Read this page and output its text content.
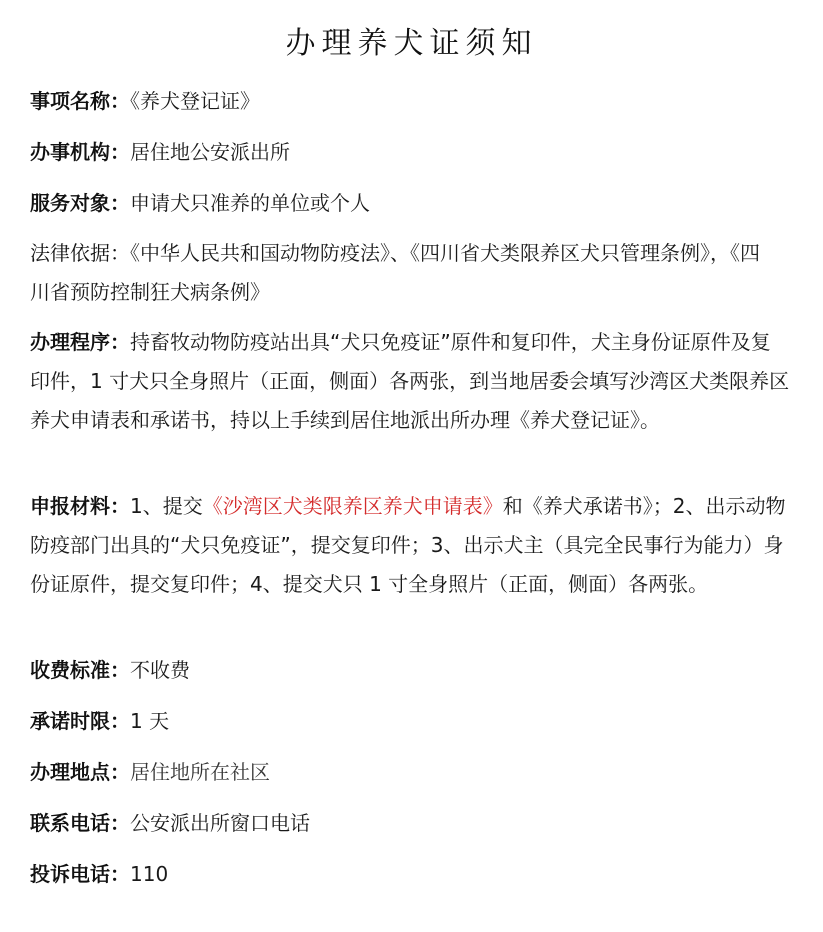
办理养犬证须知
事项名称：《养犬登记证》
办事机构：居住地公安派出所
服务对象：申请犬只准养的单位或个人
法律依据：《中华人民共和国动物防疫法》、《四川省犬类限养区犬只管理条例》，《四川省预防控制狂犬病条例》
办理程序：持畜牧动物防疫站出具“犬只免疫证”原件和复印件，犬主身份证原件及复印件，1 寸犬只全身照片（正面，侧面）各两张，到当地居委会填写沙湾区犬类限养区养犬申请表和承诺书，持以上手续到居住地派出所办理《养犬登记证》。
申报材料：1、提交《沙湾区犬类限养区养犬申请表》和《养犬承诺书》；2、出示动物防疫部门出具的“犬只免疫证”，提交复印件；3、出示犬主（具完全民事行为能力）身份证原件，提交复印件；4、提交犬只 1 寸全身照片（正面，侧面）各两张。
收费标准：不收费
承诺时限：1 天
办理地点：居住地所在社区
联系电话：公安派出所窗口电话
投诉电话：110
